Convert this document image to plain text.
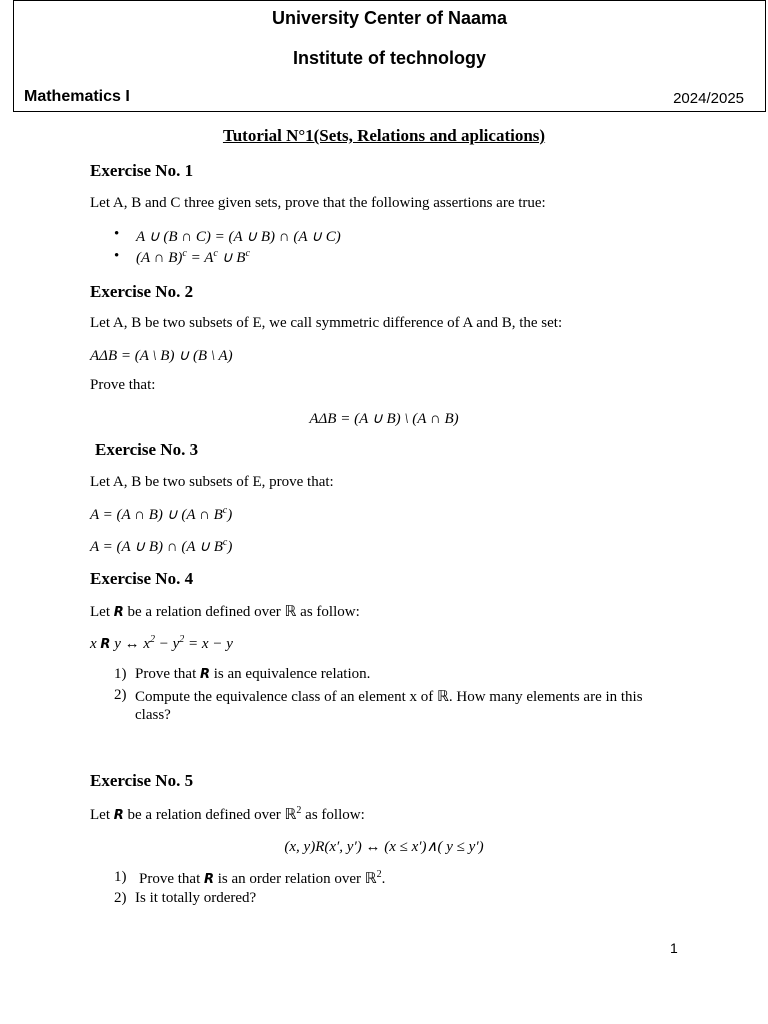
University Center of Naama
Institute of technology
Mathematics I	2024/2025
Tutorial N°1(Sets, Relations and aplications)
Exercise No. 1
Let A, B and C three given sets, prove that the following assertions are true:
• A ∪ (B ∩ C) = (A ∪ B) ∩ (A ∪ C)
• (A ∩ $B)^c = A^c$ ∪ $B^c$
Exercise No. 2
Let A, B be two subsets of E, we call symmetric difference of A and B, the set:
AΔB = (A \ B) ∪ (B \ A)
Prove that:
AΔB = (A ∪ B) \ (A ∩ B)
Exercise No. 3
Let A, B be two subsets of E, prove that:
A = (A ∩ B) ∪ (A ∩ $B^c$)
A = (A ∪ B) ∩ (A ∪ $B^c$)
Exercise No. 4
Let R be a relation defined over ℝ as follow:
x R y ↔ $x^2 - y^2 = x - y$
1) Prove that R is an equivalence relation.
2) Compute the equivalence class of an element x of ℝ. How many elements are in this
class?
Exercise No. 5
Let R be a relation defined over ℝ$^2$ as follow:
(x, y)R(x′, y′) ↔ (x ≤ x′)∧( y ≤ y′)
1) Prove that R is an order relation over ℝ$^2$.
2) Is it totally ordered?
1
